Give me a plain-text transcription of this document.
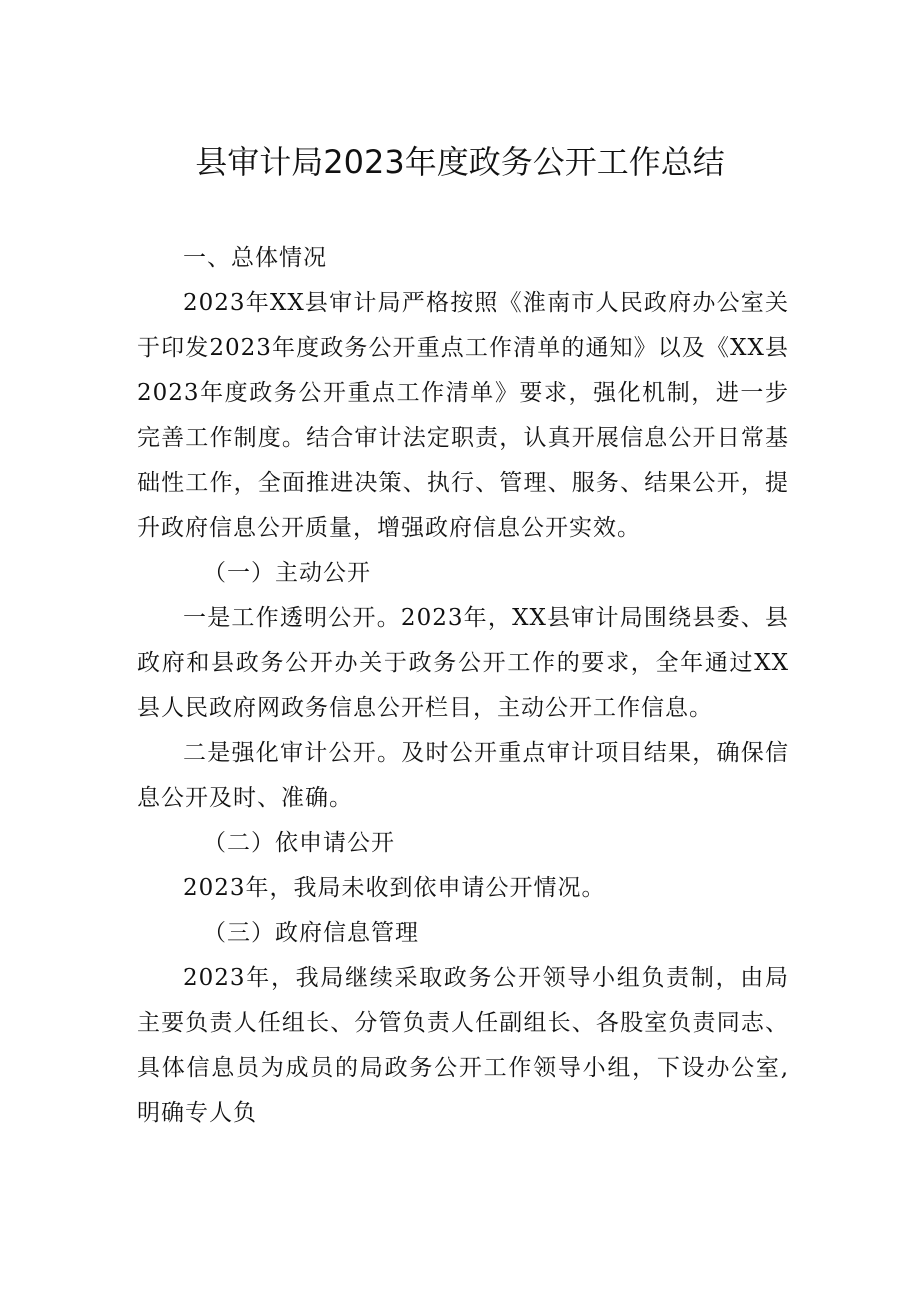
县审计局2023年度政务公开工作总结

一、总体情况

2023年XX县审计局严格按照《淮南市人民政府办公室关于印发2023年度政务公开重点工作清单的通知》以及《XX县2023年度政务公开重点工作清单》要求，强化机制，进一步完善工作制度。结合审计法定职责，认真开展信息公开日常基础性工作，全面推进决策、执行、管理、服务、结果公开，提升政府信息公开质量，增强政府信息公开实效。

（一）主动公开

一是工作透明公开。2023年，XX县审计局围绕县委、县政府和县政务公开办关于政务公开工作的要求，全年通过XX县人民政府网政务信息公开栏目，主动公开工作信息。

二是强化审计公开。及时公开重点审计项目结果，确保信息公开及时、准确。

（二）依申请公开

2023年，我局未收到依申请公开情况。

（三）政府信息管理

2023年，我局继续采取政务公开领导小组负责制，由局主要负责人任组长、分管负责人任副组长、各股室负责同志、具体信息员为成员的局政务公开工作领导小组，下设办公室,明确专人负
